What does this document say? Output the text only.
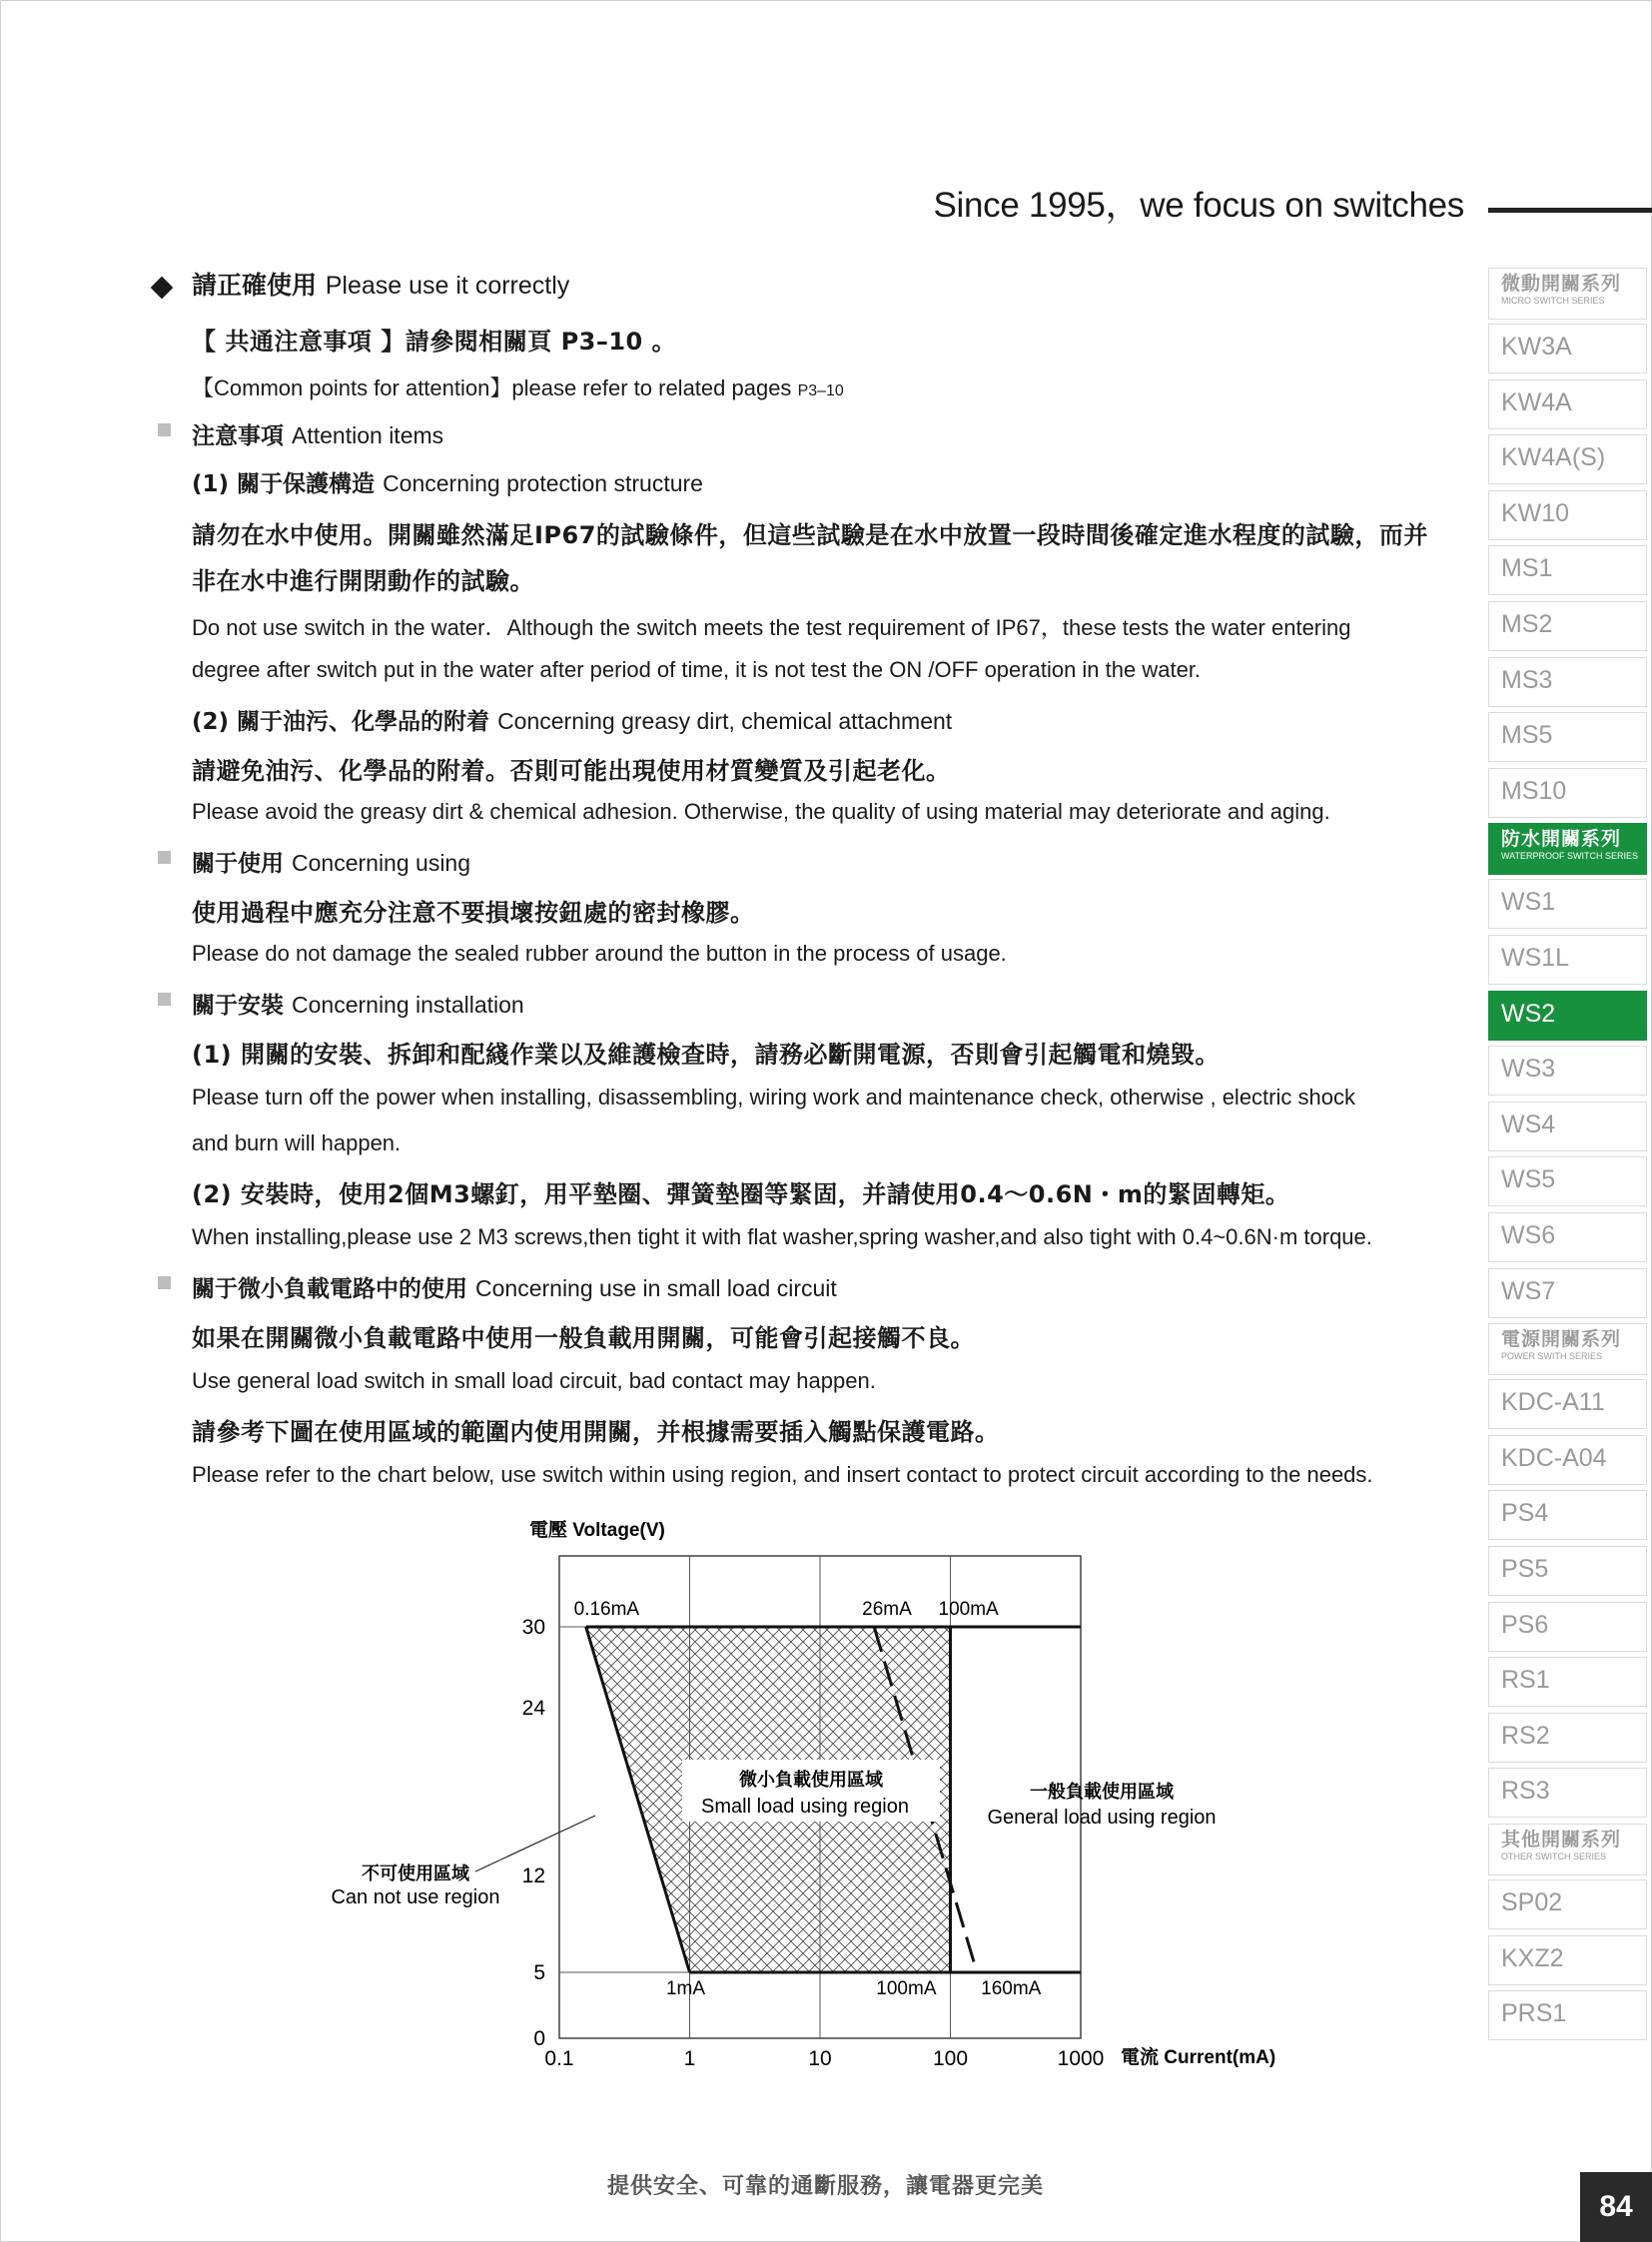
Since 1995，we focus on switches
請正確使用 Please use it correctly
【 共通注意事項 】請參閱相關頁 P3–10 。
【Common points for attention】please refer to related pages P3–10
注意事項 Attention items
(1) 關于保護構造 Concerning protection structure
請勿在水中使用。開關雖然滿足IP67的試驗條件，但這些試驗是在水中放置一段時間後確定進水程度的試驗，而并
非在水中進行開閉動作的試驗。
Do not use switch in the water．Although the switch meets the test requirement of IP67，these tests the water entering
degree after switch put in the water after period of time, it is not test the ON /OFF operation in the water.
(2) 關于油污、化學品的附着 Concerning greasy dirt, chemical attachment
請避免油污、化學品的附着。否則可能出現使用材質變質及引起老化。
Please avoid the greasy dirt & chemical adhesion. Otherwise, the quality of using material may deteriorate and aging.
關于使用 Concerning using
使用過程中應充分注意不要損壞按鈕處的密封橡膠。
Please do not damage the sealed rubber around the button in the process of usage.
關于安裝 Concerning installation
(1) 開關的安裝、拆卸和配綫作業以及維護檢查時，請務必斷開電源，否則會引起觸電和燒毀。
Please turn off the power when installing, disassembling, wiring work and maintenance check, otherwise , electric shock
and burn will happen.
(2) 安裝時，使用2個M3螺釘，用平墊圈、彈簧墊圈等緊固，并請使用0.4～0.6N・m的緊固轉矩。
When installing,please use 2 M3 screws,then tight it with flat washer,spring washer,and also tight with 0.4~0.6N·m torque.
關于微小負載電路中的使用 Concerning use in small load circuit
如果在開關微小負載電路中使用一般負載用開關，可能會引起接觸不良。
Use general load switch in small load circuit, bad contact may happen.
請參考下圖在使用區域的範圍内使用開關，并根據需要插入觸點保護電路。
Please refer to the chart below, use switch within using region, and insert contact to protect circuit according to the needs.
0.1	1	10	100	1000
0
5
12
24
30
0.16mA	26mA 100mA
1mA	100mA 160mA
電壓 Voltage(V)
電流 Current(mA)
微小負載使用區域
Small load using region
一般負載使用區域
General load using region
不可使用區域
Can not use region
微動開關系列
MICRO SWITCH SERIES
KW3A
KW4A
KW4A(S)
KW10
MS1
MS2
MS3
MS5
MS10
防水開關系列
WATERPROOF SWITCH SERIES
WS1
WS1L
WS2
WS3
WS4
WS5
WS6
WS7
電源開關系列
POWER SWITH SERIES
KDC-A11
KDC-A04
PS4
PS5
PS6
RS1
RS2
RS3
其他開關系列
OTHER SWITCH SERIES
SP02
KXZ2
PRS1
提供安全、可靠的通斷服務，讓電器更完美
84
